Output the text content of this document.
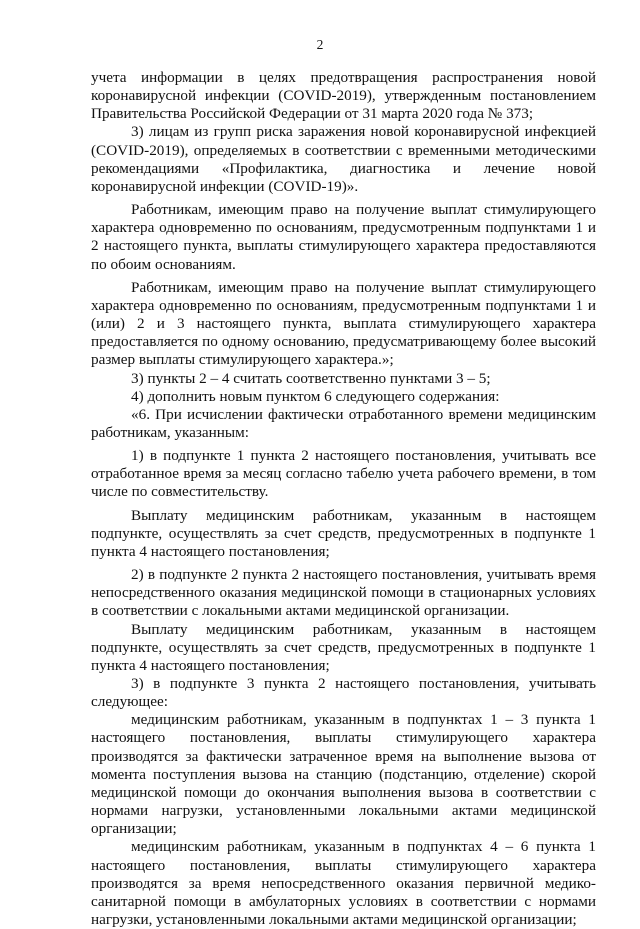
2

учета информации в целях предотвращения распространения новой коронавирусной инфекции (COVID-2019), утвержденным постановлением Правительства Российской Федерации от 31 марта 2020 года № 373;

3) лицам из групп риска заражения новой коронавирусной инфекцией (COVID-2019), определяемых в соответствии с временными методическими рекомендациями «Профилактика, диагностика и лечение новой коронавирусной инфекции (COVID-19)».

Работникам, имеющим право на получение выплат стимулирующего характера одновременно по основаниям, предусмотренным подпунктами 1 и 2 настоящего пункта, выплаты стимулирующего характера предоставляются по обоим основаниям.

Работникам, имеющим право на получение выплат стимулирующего характера одновременно по основаниям, предусмотренным подпунктами 1 и (или) 2 и 3 настоящего пункта, выплата стимулирующего характера предоставляется по одному основанию, предусматривающему более высокий размер выплаты стимулирующего характера.»;

3) пункты 2 – 4 считать соответственно пунктами 3 – 5;

4) дополнить новым пунктом 6 следующего содержания:

«6. При исчислении фактически отработанного времени медицинским работникам, указанным:

1) в подпункте 1 пункта 2 настоящего постановления, учитывать все отработанное время за месяц согласно табелю учета рабочего времени, в том числе по совместительству.

Выплату медицинским работникам, указанным в настоящем подпункте, осуществлять за счет средств, предусмотренных в подпункте 1 пункта 4 настоящего постановления;

2) в подпункте 2 пункта 2 настоящего постановления, учитывать время непосредственного оказания медицинской помощи в стационарных условиях в соответствии с локальными актами медицинской организации.

Выплату медицинским работникам, указанным в настоящем подпункте, осуществлять за счет средств, предусмотренных в подпункте 1 пункта 4 настоящего постановления;

3) в подпункте 3 пункта 2 настоящего постановления, учитывать следующее:

медицинским работникам, указанным в подпунктах 1 – 3 пункта 1 настоящего постановления, выплаты стимулирующего характера производятся за фактически затраченное время на выполнение вызова от момента поступления вызова на станцию (подстанцию, отделение) скорой медицинской помощи до окончания выполнения вызова в соответствии с нормами нагрузки, установленными локальными актами медицинской организации;

медицинским работникам, указанным в подпунктах 4 – 6 пункта 1 настоящего постановления, выплаты стимулирующего характера производятся за время непосредственного оказания первичной медико-санитарной помощи в амбулаторных условиях в соответствии с нормами нагрузки, установленными локальными актами медицинской организации;
